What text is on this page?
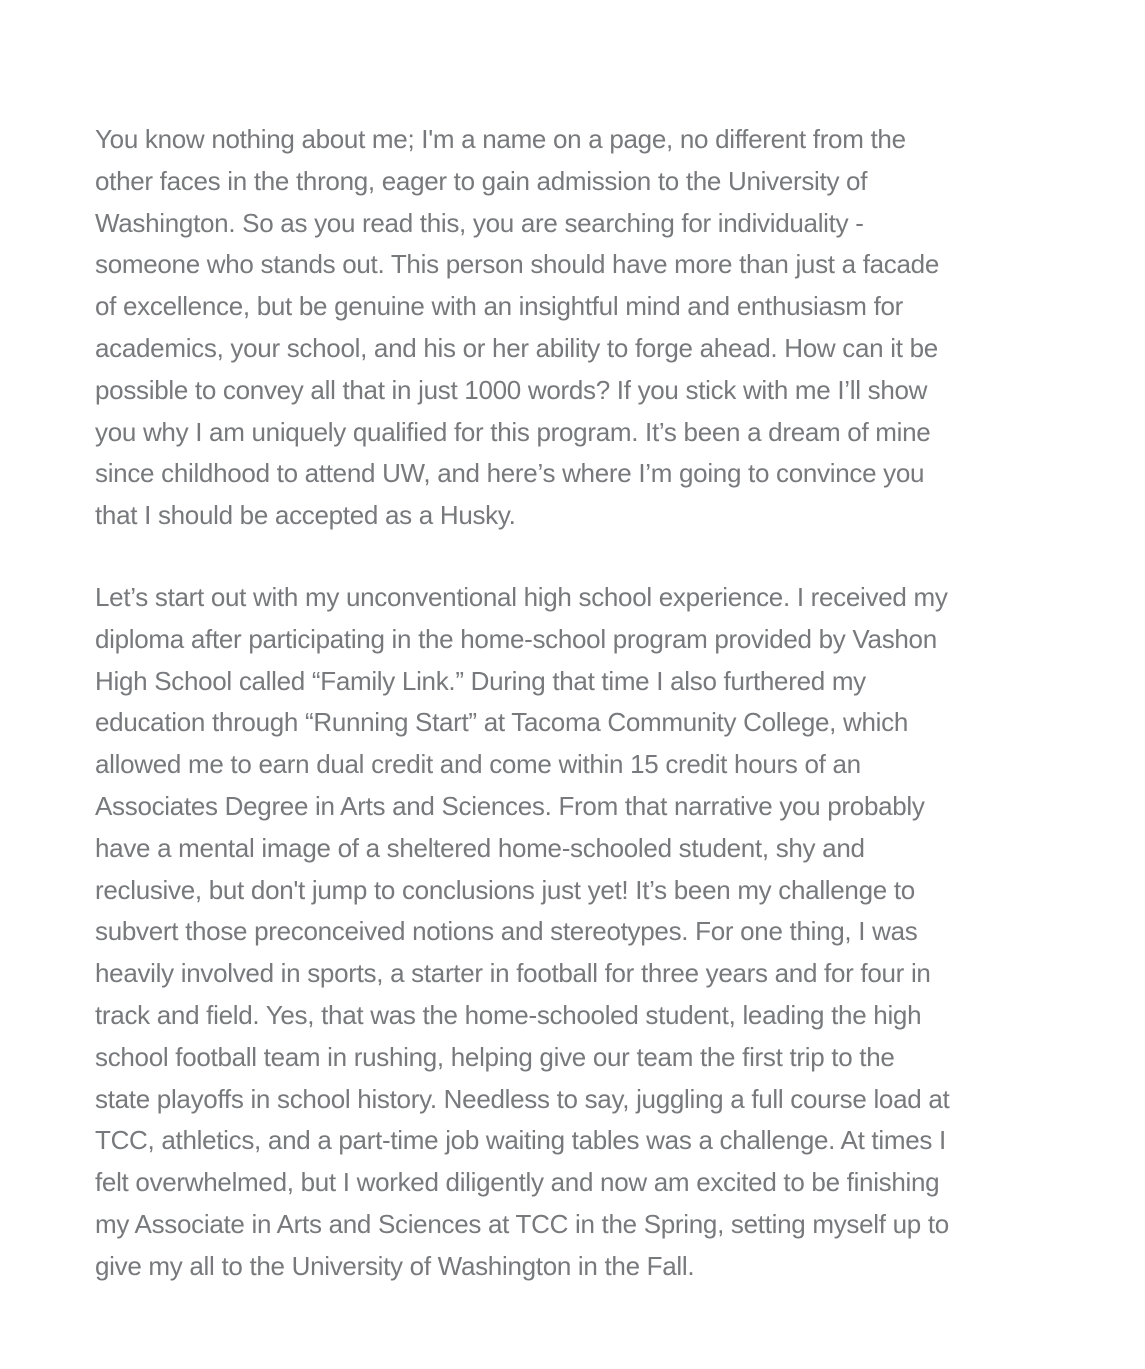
You know nothing about me; I'm a name on a page, no different from the
other faces in the throng, eager to gain admission to the University of
Washington. So as you read this, you are searching for individuality -
someone who stands out. This person should have more than just a facade
of excellence, but be genuine with an insightful mind and enthusiasm for
academics, your school, and his or her ability to forge ahead. How can it be
possible to convey all that in just 1000 words? If you stick with me I’ll show
you why I am uniquely qualified for this program. It’s been a dream of mine
since childhood to attend UW, and here’s where I’m going to convince you
that I should be accepted as a Husky.
Let’s start out with my unconventional high school experience. I received my
diploma after participating in the home-school program provided by Vashon
High School called “Family Link.” During that time I also furthered my
education through “Running Start” at Tacoma Community College, which
allowed me to earn dual credit and come within 15 credit hours of an
Associates Degree in Arts and Sciences. From that narrative you probably
have a mental image of a sheltered home-schooled student, shy and
reclusive, but don't jump to conclusions just yet! It’s been my challenge to
subvert those preconceived notions and stereotypes. For one thing, I was
heavily involved in sports, a starter in football for three years and for four in
track and field. Yes, that was the home-schooled student, leading the high
school football team in rushing, helping give our team the first trip to the
state playoffs in school history. Needless to say, juggling a full course load at
TCC, athletics, and a part-time job waiting tables was a challenge. At times I
felt overwhelmed, but I worked diligently and now am excited to be finishing
my Associate in Arts and Sciences at TCC in the Spring, setting myself up to
give my all to the University of Washington in the Fall.
